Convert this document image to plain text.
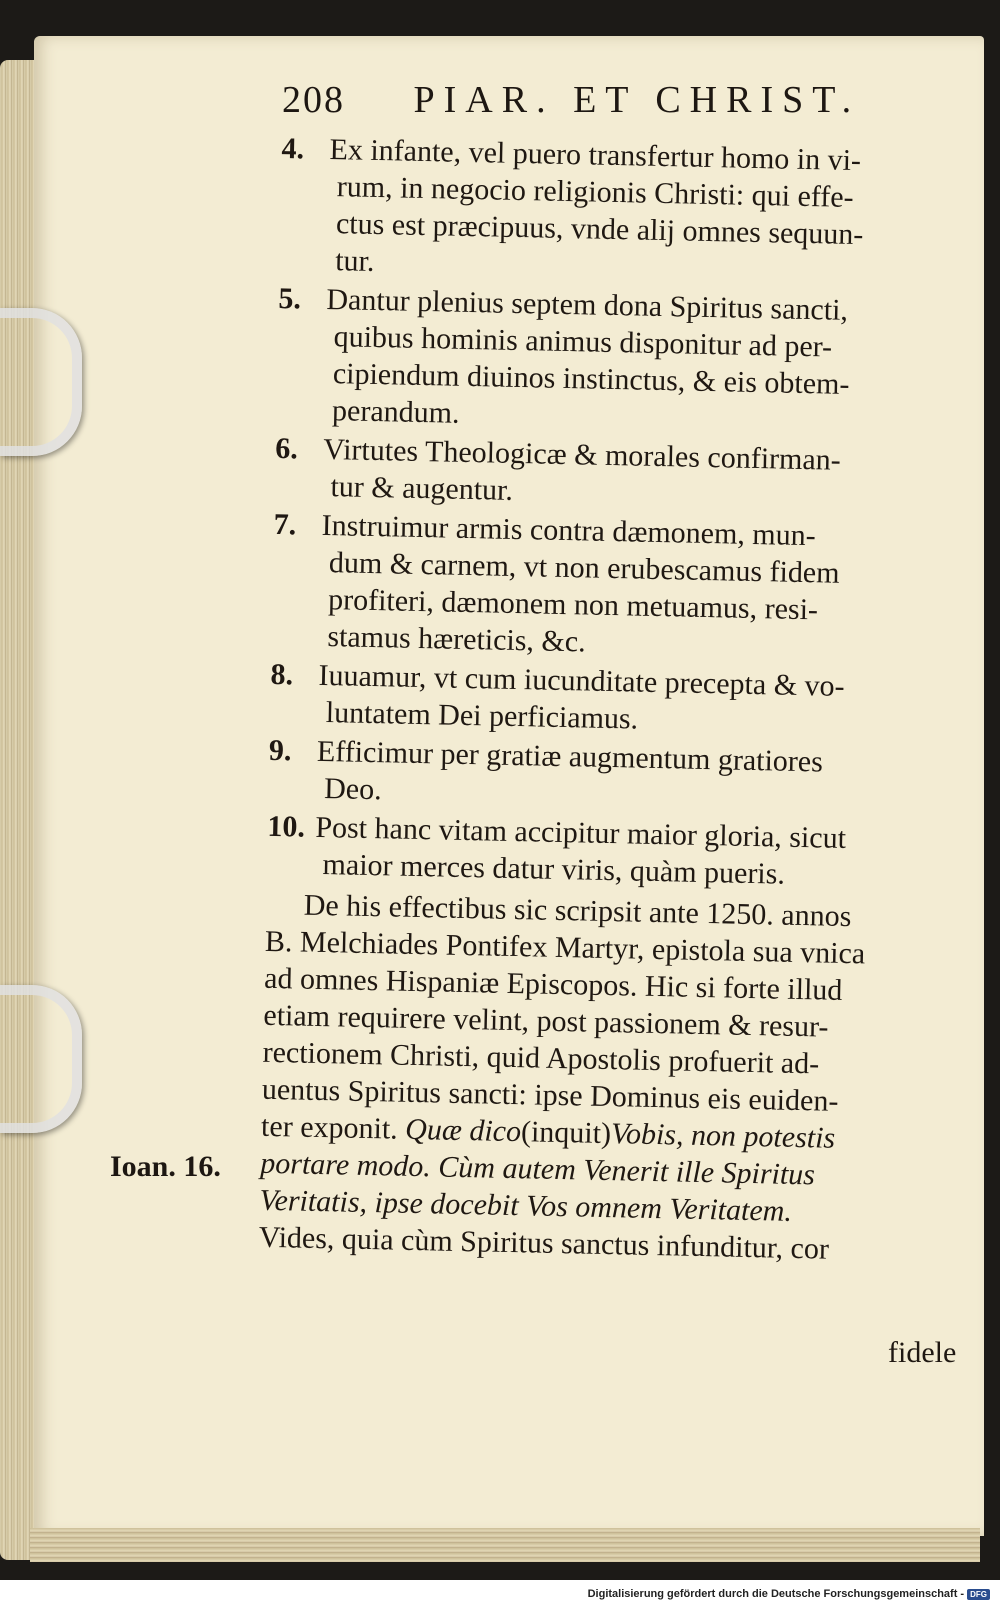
208 PIAR. ET CHRIST.
4. Ex infante, vel puero transfertur homo in vi-
rum, in negocio religionis Christi: qui effe-
ctus est præcipuus, vnde alij omnes sequun-
tur.
5. Dantur plenius septem dona Spiritus sancti,
quibus hominis animus disponitur ad per-
cipiendum diuinos instinctus, & eis obtem-
perandum.
6. Virtutes Theologicæ & morales confirman-
tur & augentur.
7. Instruimur armis contra dæmonem, mun-
dum & carnem, vt non erubescamus fidem
profiteri, dæmonem non metuamus, resi-
stamus hæreticis, &c.
8. Iuuamur, vt cum iucunditate precepta & vo-
luntatem Dei perficiamus.
9. Efficimur per gratiæ augmentum gratiores
Deo.
10. Post hanc vitam accipitur maior gloria, sicut
maior merces datur viris, quàm pueris.
De his effectibus sic scripsit ante 1250. annos
B. Melchiades Pontifex Martyr, epistola sua vnica
ad omnes Hispaniæ Episcopos. Hic si forte illud
etiam requirere velint, post passionem & resur-
rectionem Christi, quid Apostolis profuerit ad-
uentus Spiritus sancti: ipse Dominus eis euiden-
ter exponit. Quæ dico(inquit)Vobis, non potestis
portare modo. Cùm autem Venerit ille Spiritus
Veritatis, ipse docebit Vos omnem Veritatem.
Vides, quia cùm Spiritus sanctus infunditur, cor
Ioan. 16.
fidele
Digitalisierung gefördert durch die Deutsche Forschungsgemeinschaft - DFG
